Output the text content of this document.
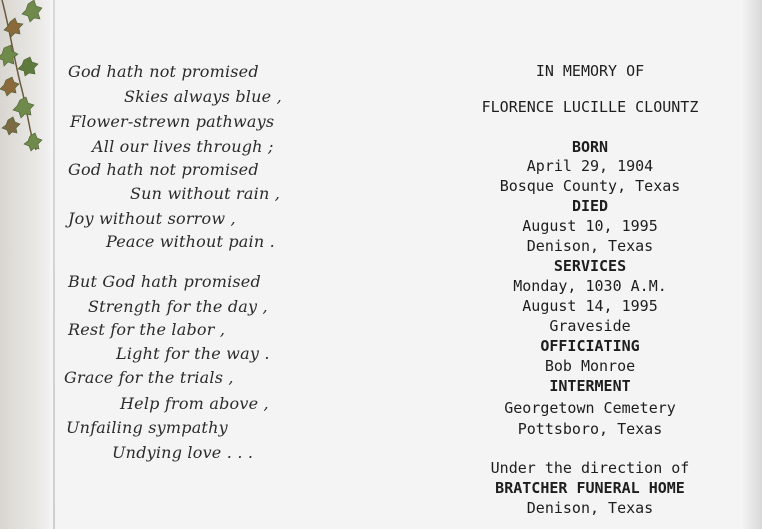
God hath not promised
Skies always blue ,
Flower-strewn pathways
All our lives through ;
God hath not promised
Sun without rain ,
Joy without sorrow ,
Peace without pain .
But God hath promised
Strength for the day ,
Rest for the labor ,
Light for the way .
Grace for the trials ,
Help from above ,
Unfailing sympathy
Undying love . . .
IN MEMORY OF
FLORENCE LUCILLE CLOUNTZ
BORN
April 29, 1904
Bosque County, Texas
DIED
August 10, 1995
Denison, Texas
SERVICES
Monday, 1030 A.M.
August 14, 1995
Graveside
OFFICIATING
Bob Monroe
INTERMENT
Georgetown Cemetery
Pottsboro, Texas
Under the direction of
BRATCHER FUNERAL HOME
Denison, Texas
